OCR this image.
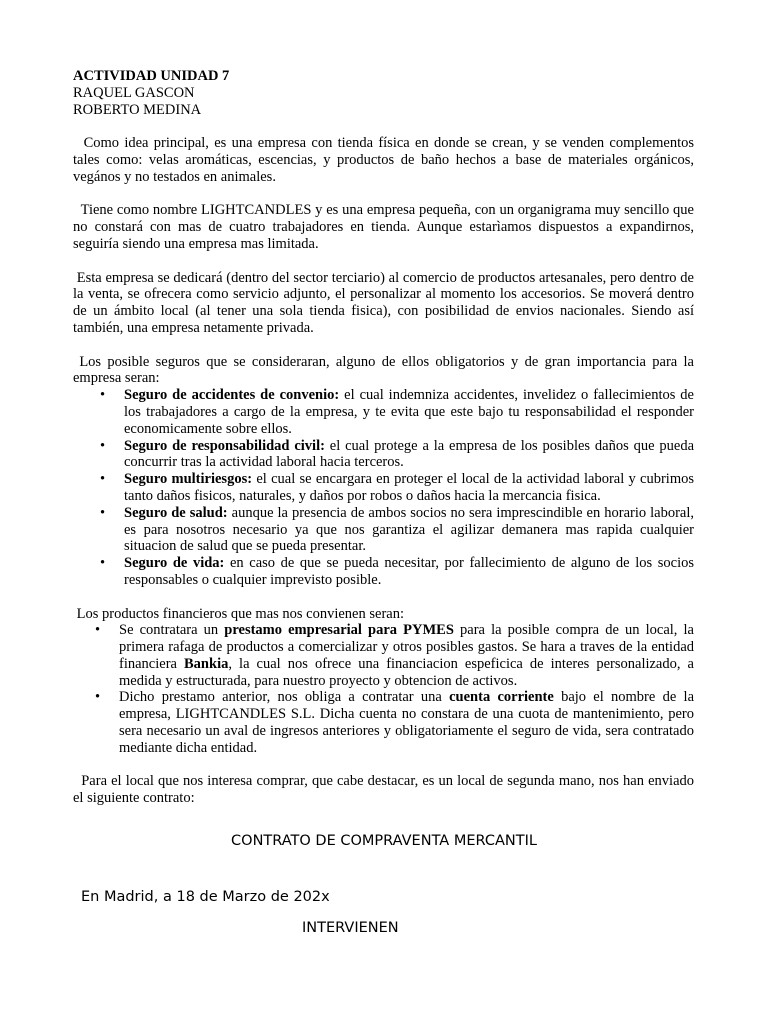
ACTIVIDAD UNIDAD 7
RAQUEL GASCON
ROBERTO MEDINA

Como idea principal, es una empresa con tienda física en donde se crean, y se venden complementos tales como: velas aromáticas, escencias, y productos de baño hechos a base de materiales orgánicos, vegános y no testados en animales.

Tiene como nombre LIGHTCANDLES y es una empresa pequeña, con un organigrama muy sencillo que no constará con mas de cuatro trabajadores en tienda. Aunque estarìamos dispuestos a expandirnos, seguiría siendo una empresa mas limitada.

Esta empresa se dedicará (dentro del sector terciario) al comercio de productos artesanales, pero dentro de la venta, se ofrecera como servicio adjunto, el personalizar al momento los accesorios. Se moverá dentro de un ámbito local (al tener una sola tienda fisica), con posibilidad de envios nacionales. Siendo así también, una empresa netamente privada.

Los posible seguros que se consideraran, alguno de ellos obligatorios y de gran importancia para la empresa seran:

• Seguro de accidentes de convenio: el cual indemniza accidentes, invelidez o fallecimientos de los trabajadores a cargo de la empresa, y te evita que este bajo tu responsabilidad el responder economicamente sobre ellos.
• Seguro de responsabilidad civil: el cual protege a la empresa de los posibles daños que pueda concurrir tras la actividad laboral hacia terceros.
• Seguro multiriesgos: el cual se encargara en proteger el local de la actividad laboral y cubrimos tanto daños fisicos, naturales, y daños por robos o daños hacia la mercancia fisica.
• Seguro de salud: aunque la presencia de ambos socios no sera imprescindible en horario laboral, es para nosotros necesario ya que nos garantiza el agilizar demanera mas rapida cualquier situacion de salud que se pueda presentar.
• Seguro de vida: en caso de que se pueda necesitar, por fallecimiento de alguno de los socios responsables o cualquier imprevisto posible.

Los productos financieros que mas nos convienen seran:

• Se contratara un prestamo empresarial para PYMES para la posible compra de un local, la primera rafaga de productos a comercializar y otros posibles gastos. Se hara a traves de la entidad financiera Bankia, la cual nos ofrece una financiacion espeficica de interes personalizado, a medida y estructurada, para nuestro proyecto y obtencion de activos.
• Dicho prestamo anterior, nos obliga a contratar una cuenta corriente bajo el nombre de la empresa, LIGHTCANDLES S.L. Dicha cuenta no constara de una cuota de mantenimiento, pero sera necesario un aval de ingresos anteriores y obligatoriamente el seguro de vida, sera contratado mediante dicha entidad.

Para el local que nos interesa comprar, que cabe destacar, es un local de segunda mano, nos han enviado el siguiente contrato:

CONTRATO DE COMPRAVENTA MERCANTIL
En Madrid, a 18 de Marzo de 202x
INTERVIENEN
